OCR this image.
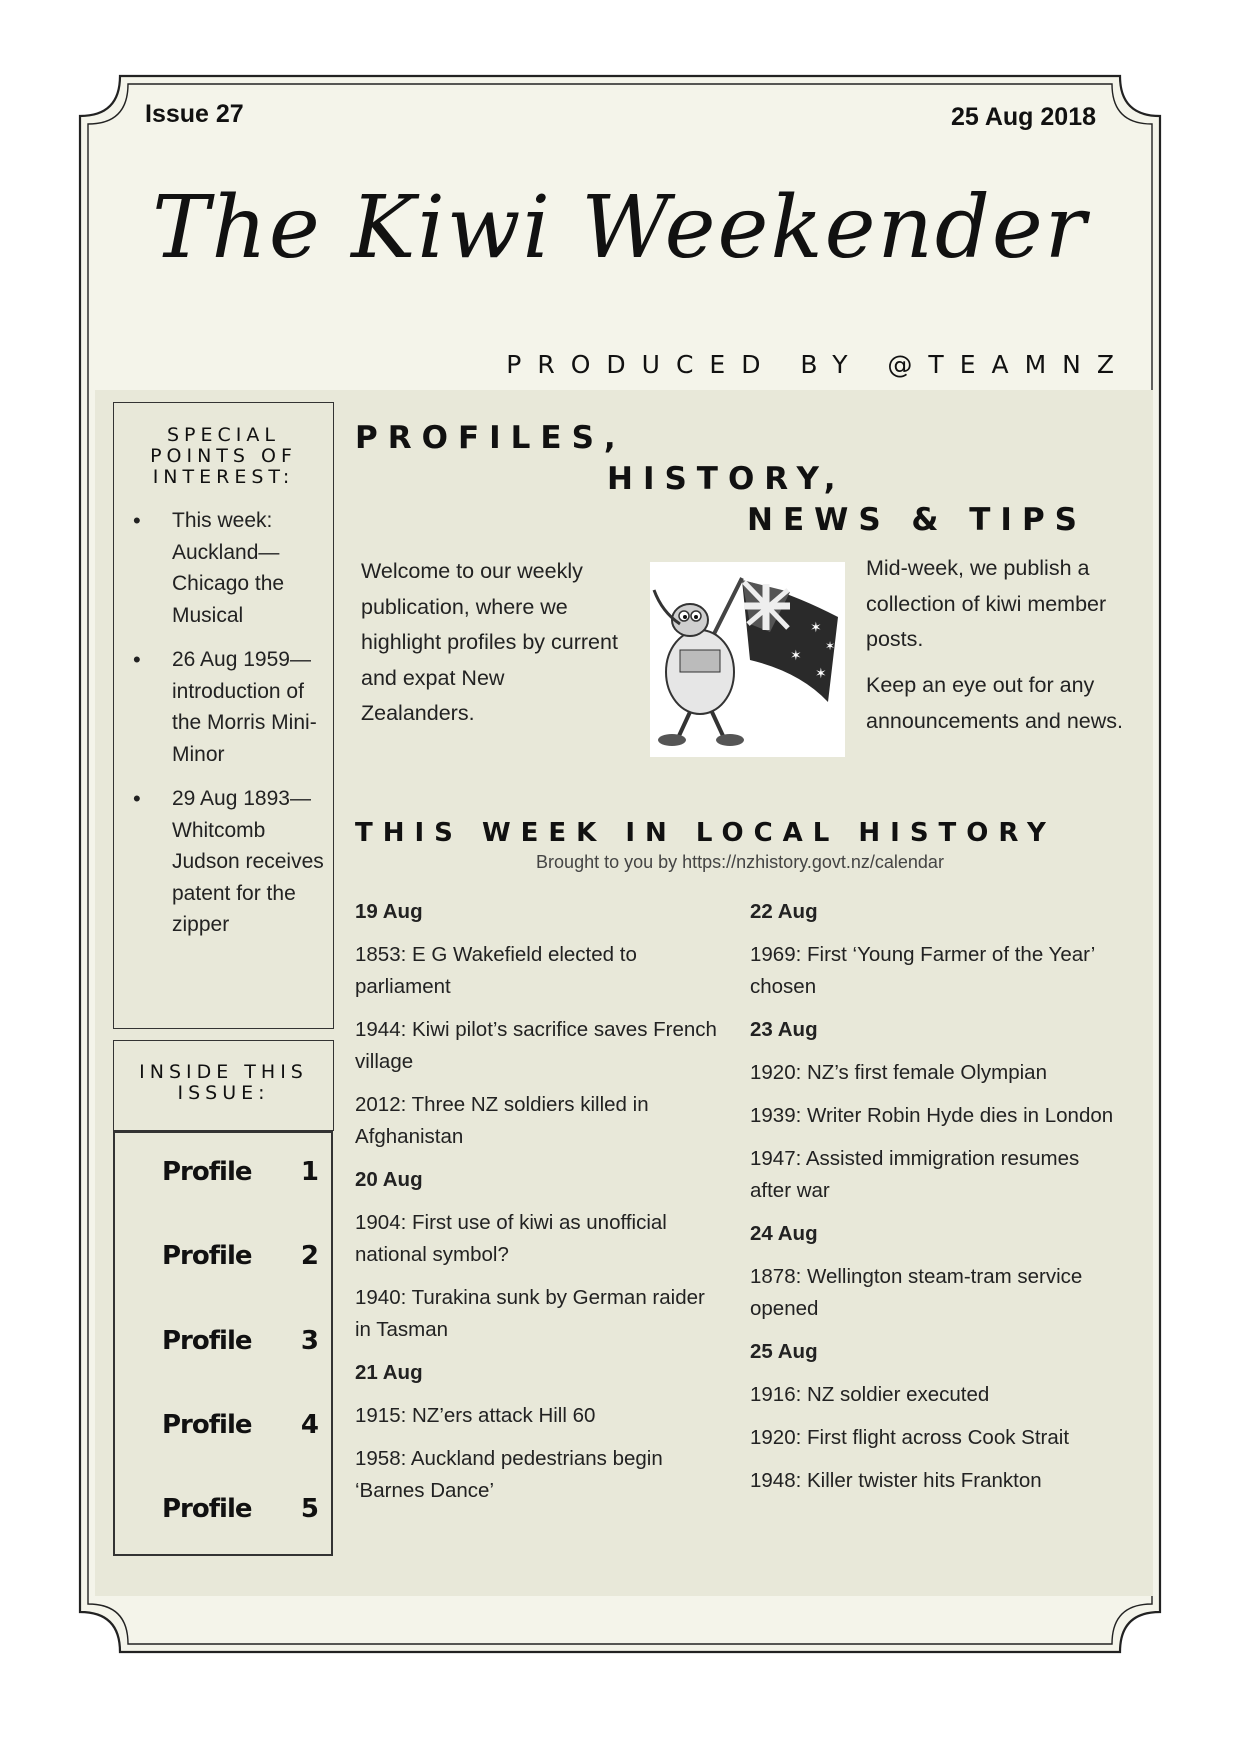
Issue 27	25 Aug 2018
The Kiwi Weekender
PRODUCED BY @TEAMNZ
SPECIAL
POINTS OF
INTEREST:
• This week: Auckland—Chicago the Musical
• 26 Aug 1959—introduction of the Morris Mini-Minor
• 29 Aug 1893—Whitcomb Judson receives patent for the zipper
INSIDE THIS
ISSUE:
Profile 1
Profile 2
Profile 3
Profile 4
Profile 5
PROFILES,
HISTORY,
NEWS & TIPS
Welcome to our weekly publication, where we highlight profiles by current and expat New Zealanders.
✶
✶
✶
✶
Mid-week, we publish a collection of kiwi member posts.
Keep an eye out for any announcements and news.
THIS WEEK IN LOCAL HISTORY
Brought to you by https://nzhistory.govt.nz/calendar
19 Aug
1853: E G Wakefield elected to parliament
1944: Kiwi pilot’s sacrifice saves French village
2012: Three NZ soldiers killed in Afghanistan
20 Aug
1904: First use of kiwi as unofficial national symbol?
1940: Turakina sunk by German raider in Tasman
21 Aug
1915: NZ’ers attack Hill 60
1958: Auckland pedestrians begin ‘Barnes Dance’
22 Aug
1969: First ‘Young Farmer of the Year’ chosen
23 Aug
1920: NZ’s first female Olympian
1939: Writer Robin Hyde dies in London
1947: Assisted immigration resumes after war
24 Aug
1878: Wellington steam-tram service opened
25 Aug
1916: NZ soldier executed
1920: First flight across Cook Strait
1948: Killer twister hits Frankton
